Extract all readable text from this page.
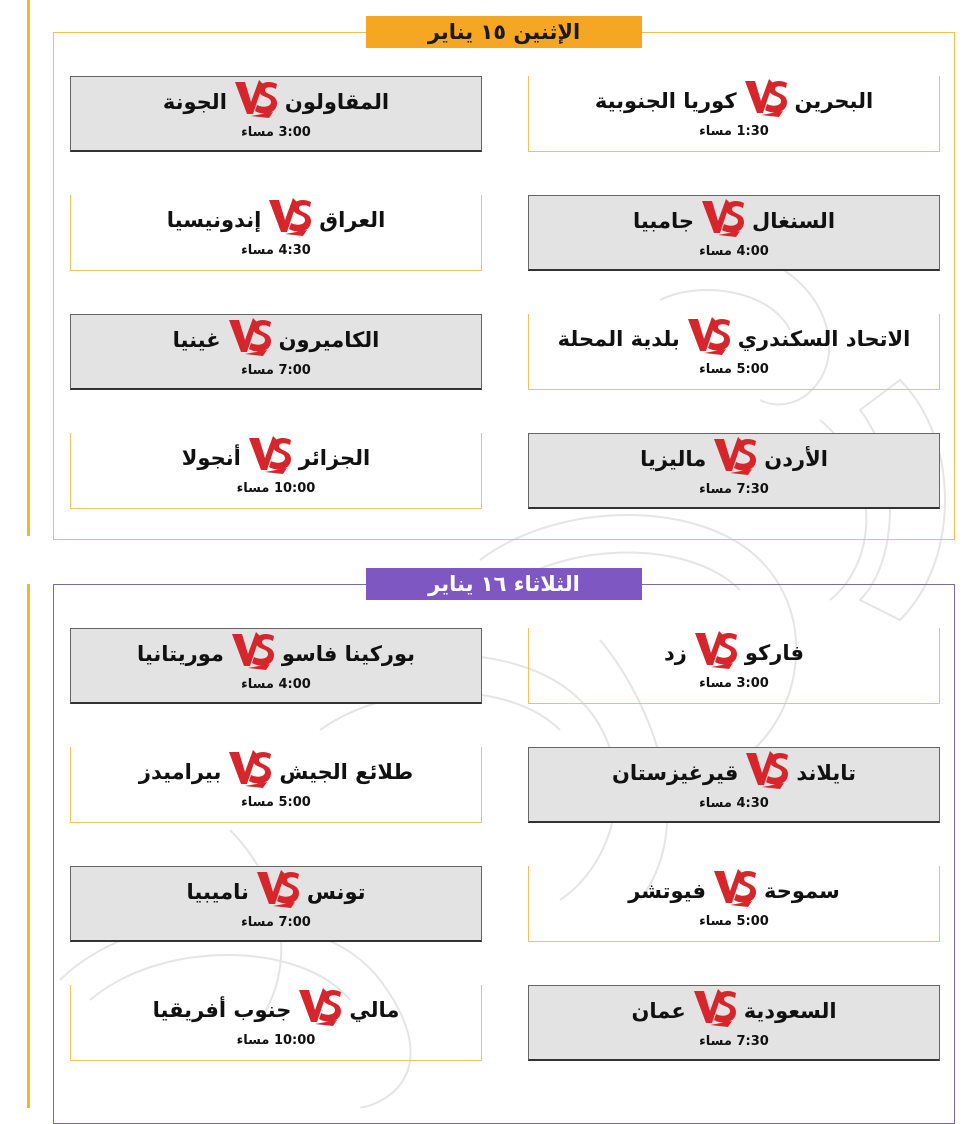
الإثنين ١٥ يناير
الثلاثاء ١٦ يناير
البحرين
كوريا الجنوبية
1:30 مساء
المقاولون
الجونة
3:00 مساء
السنغال
جامبيا
4:00 مساء
العراق
إندونيسيا
4:30 مساء
الاتحاد السكندري
بلدية المحلة
5:00 مساء
الكاميرون
غينيا
7:00 مساء
الأردن
ماليزيا
7:30 مساء
الجزائر
أنجولا
10:00 مساء
فاركو
زد
3:00 مساء
بوركينا فاسو
موريتانيا
4:00 مساء
تايلاند
قيرغيزستان
4:30 مساء
طلائع الجيش
بيراميدز
5:00 مساء
سموحة
فيوتشر
5:00 مساء
تونس
ناميبيا
7:00 مساء
السعودية
عمان
7:30 مساء
مالي
جنوب أفريقيا
10:00 مساء
